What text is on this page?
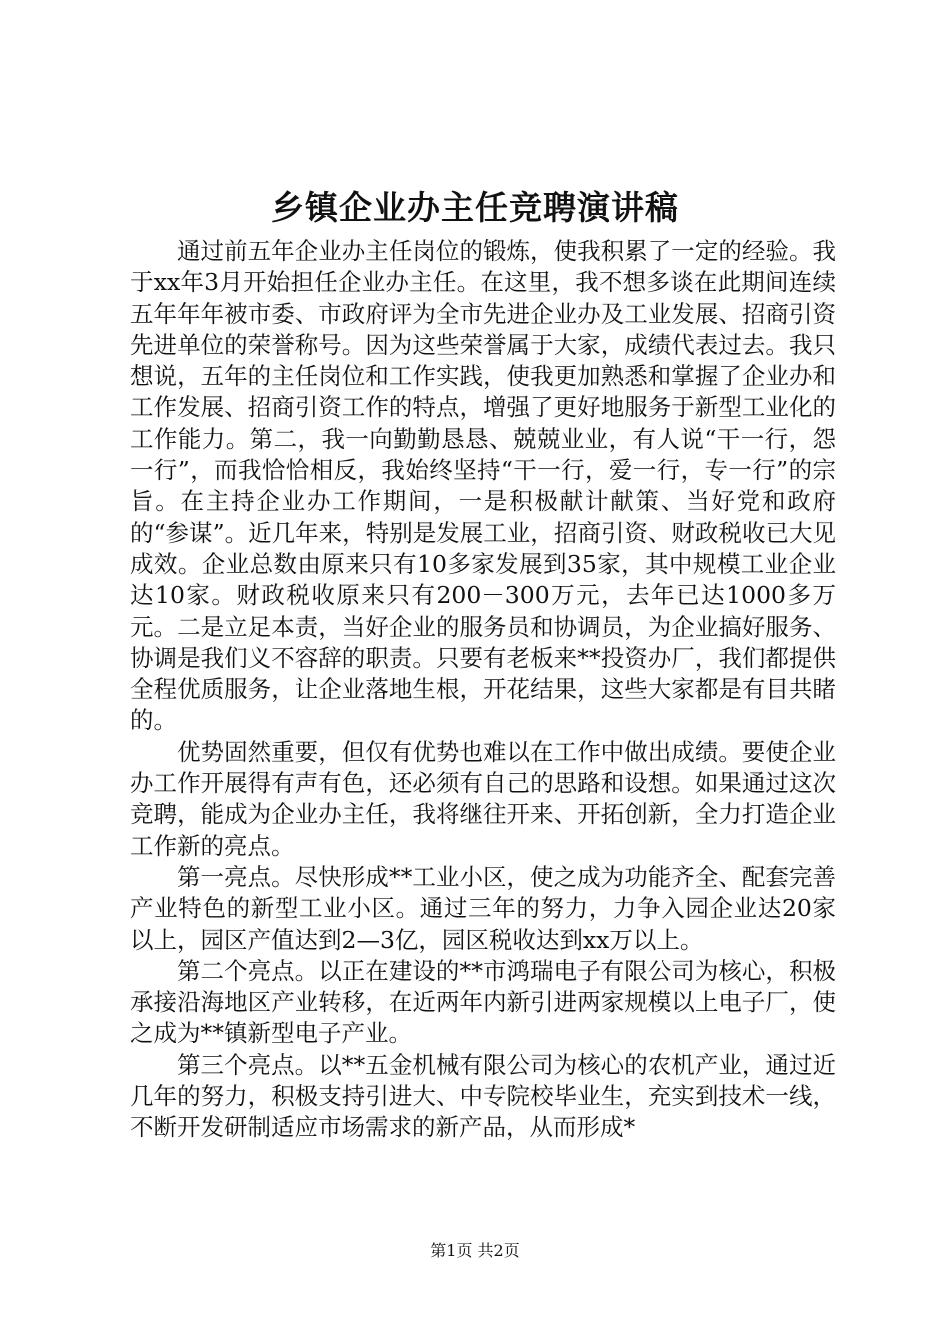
乡镇企业办主任竞聘演讲稿

通过前五年企业办主任岗位的锻炼，使我积累了一定的经验。我于xx年3月开始担任企业办主任。在这里，我不想多谈在此期间连续五年年年被市委、市政府评为全市先进企业办及工业发展、招商引资先进单位的荣誉称号。因为这些荣誉属于大家，成绩代表过去。我只想说，五年的主任岗位和工作实践，使我更加熟悉和掌握了企业办和工作发展、招商引资工作的特点，增强了更好地服务于新型工业化的工作能力。第二，我一向勤勤恳恳、兢兢业业，有人说“干一行，怨一行”，而我恰恰相反，我始终坚持“干一行，爱一行，专一行”的宗旨。在主持企业办工作期间，一是积极献计献策、当好党和政府的“参谋”。近几年来，特别是发展工业，招商引资、财政税收已大见成效。企业总数由原来只有10多家发展到35家，其中规模工业企业达10家。财政税收原来只有200－300万元，去年已达1000多万元。二是立足本责，当好企业的服务员和协调员，为企业搞好服务、协调是我们义不容辞的职责。只要有老板来**投资办厂，我们都提供全程优质服务，让企业落地生根，开花结果，这些大家都是有目共睹的。

优势固然重要，但仅有优势也难以在工作中做出成绩。要使企业办工作开展得有声有色，还必须有自己的思路和设想。如果通过这次竞聘，能成为企业办主任，我将继往开来、开拓创新，全力打造企业工作新的亮点。

第一亮点。尽快形成**工业小区，使之成为功能齐全、配套完善产业特色的新型工业小区。通过三年的努力，力争入园企业达20家以上，园区产值达到2—3亿，园区税收达到xx万以上。

第二个亮点。以正在建设的**市鸿瑞电子有限公司为核心，积极承接沿海地区产业转移，在近两年内新引进两家规模以上电子厂，使之成为**镇新型电子产业。

第三个亮点。以**五金机械有限公司为核心的农机产业，通过近几年的努力，积极支持引进大、中专院校毕业生，充实到技术一线，不断开发研制适应市场需求的新产品，从而形成*

第1页 共2页
